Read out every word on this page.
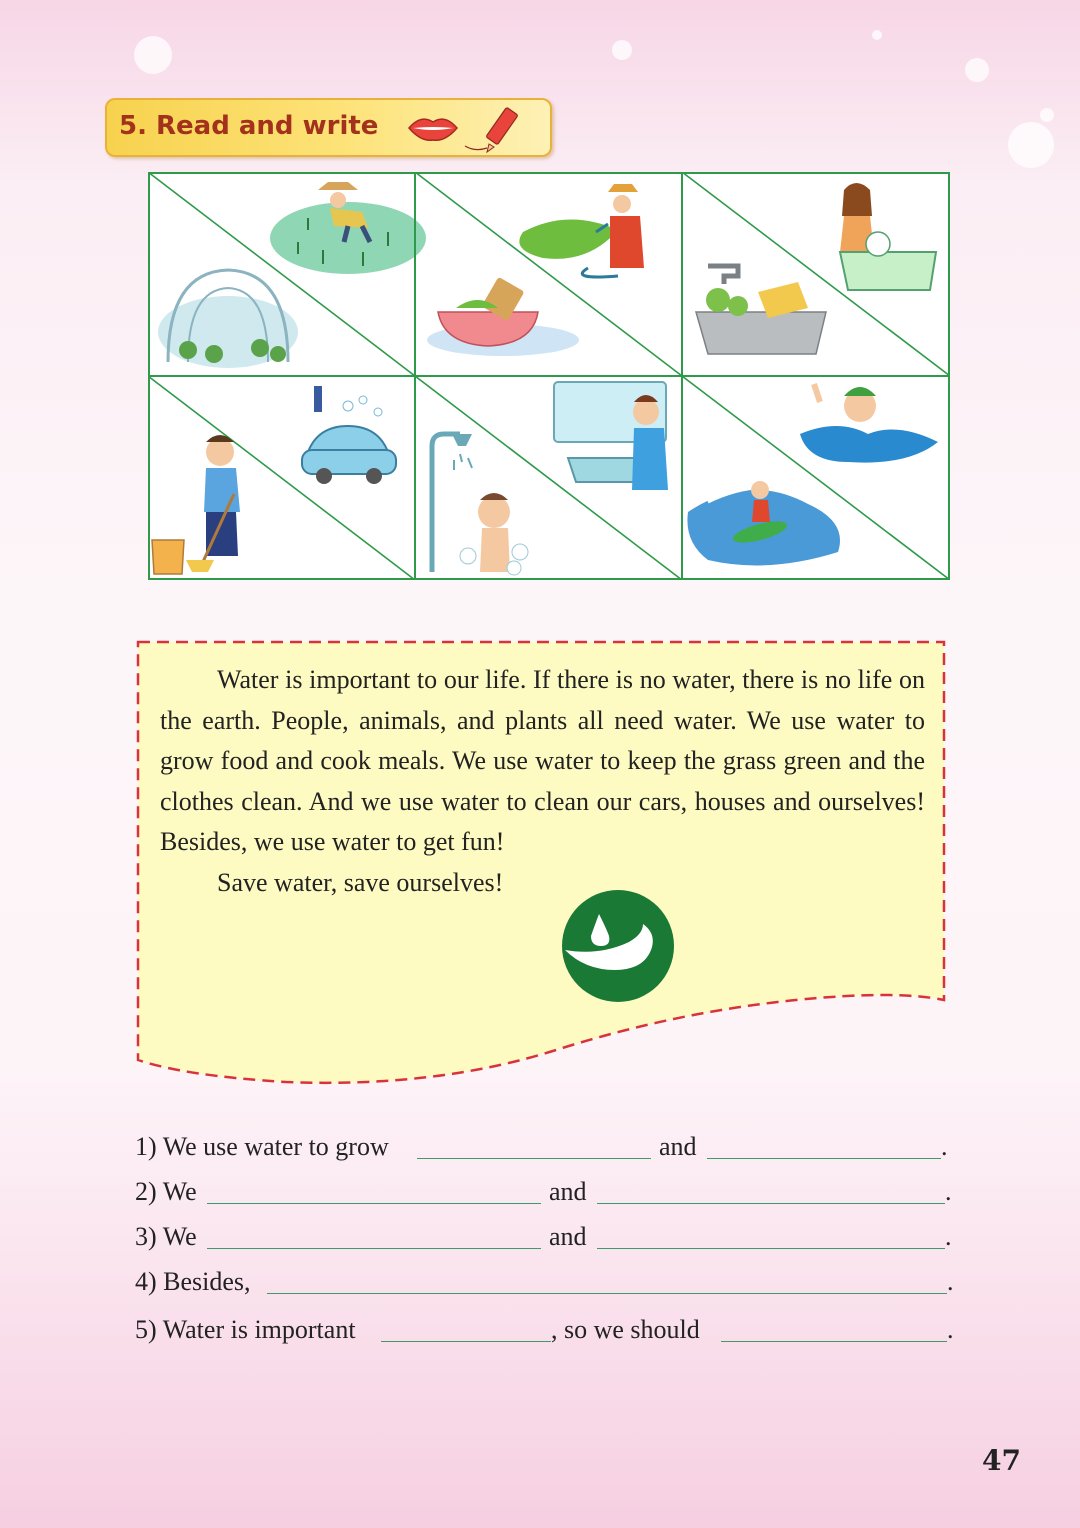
5. Read and write

Water is important to our life. If there is no water, there is no life on the earth. People, animals, and plants all need water. We use water to grow food and cook meals. We use water to keep the grass green and the clothes clean. And we use water to clean our cars, houses and ourselves! Besides, we use water to get fun!

Save water, save ourselves!

1) We use water to grow	and	.
2) We	and	.
3) We	and	.
4) Besides,	.
5) Water is important	, so we should	.
47
